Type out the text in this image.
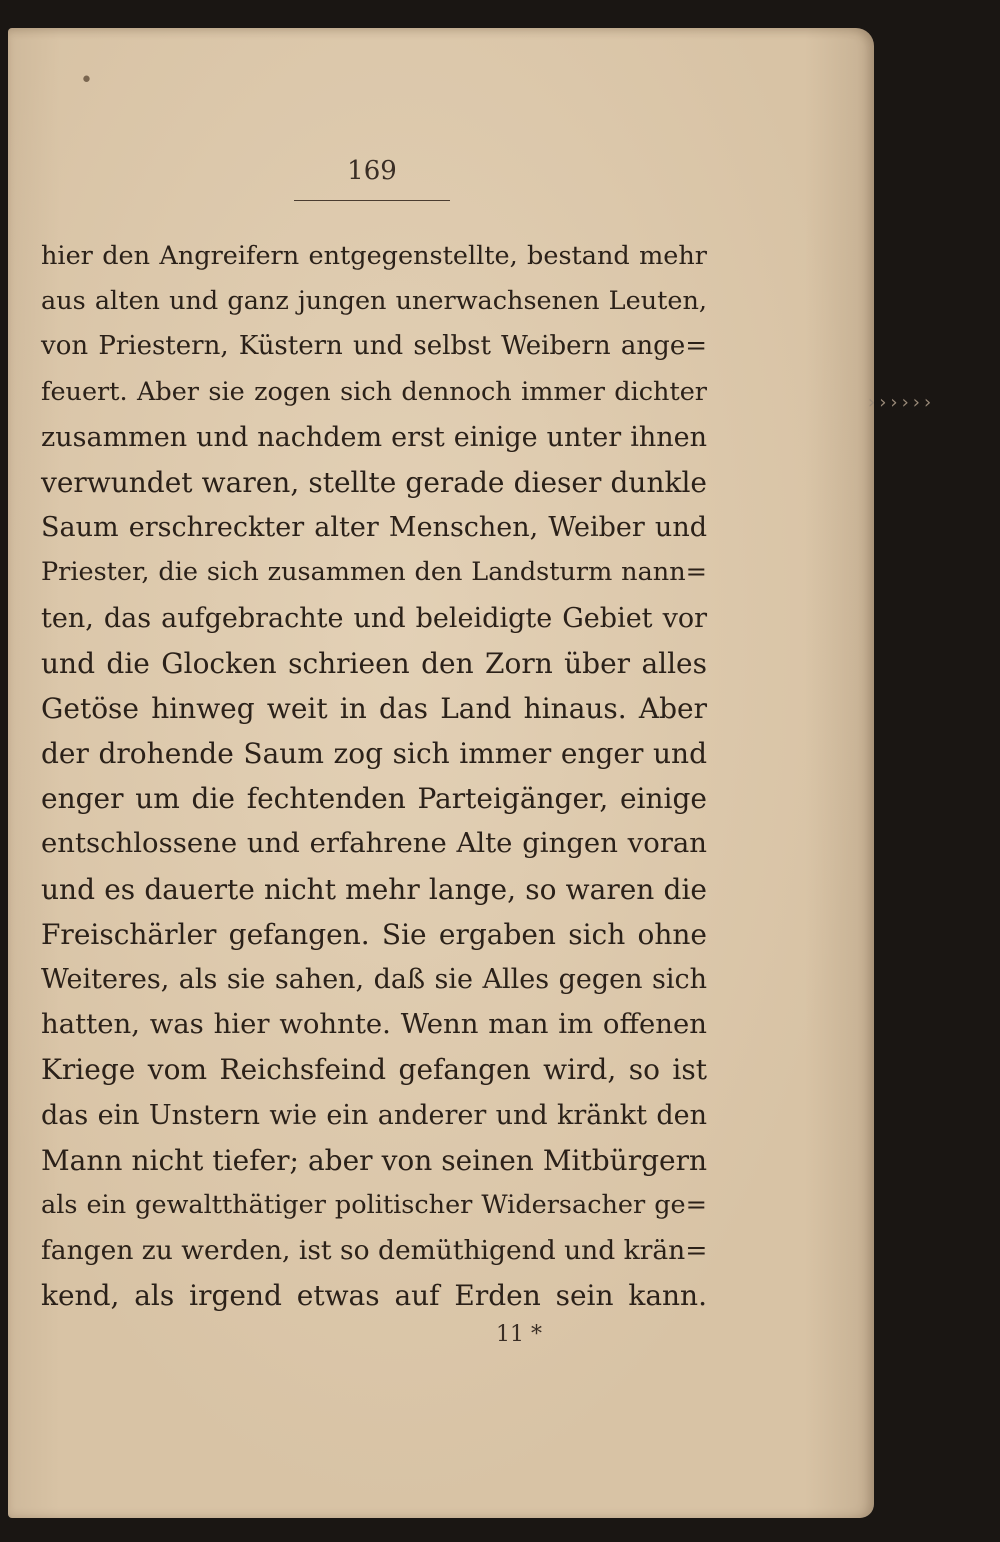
•
169
hier den Angreifern entgegenstellte, bestand mehr
aus alten und ganz jungen unerwachsenen Leuten,
von Priestern, Küstern und selbst Weibern ange=
feuert. Aber sie zogen sich dennoch immer dichter
zusammen und nachdem erst einige unter ihnen
verwundet waren, stellte gerade dieser dunkle
Saum erschreckter alter Menschen, Weiber und
Priester, die sich zusammen den Landsturm nann=
ten, das aufgebrachte und beleidigte Gebiet vor
und die Glocken schrieen den Zorn über alles
Getöse hinweg weit in das Land hinaus. Aber
der drohende Saum zog sich immer enger und
enger um die fechtenden Parteigänger, einige
entschlossene und erfahrene Alte gingen voran
und es dauerte nicht mehr lange, so waren die
Freischärler gefangen. Sie ergaben sich ohne
Weiteres, als sie sahen, daß sie Alles gegen sich
hatten, was hier wohnte. Wenn man im offenen
Kriege vom Reichsfeind gefangen wird, so ist
das ein Unstern wie ein anderer und kränkt den
Mann nicht tiefer; aber von seinen Mitbürgern
als ein gewaltthätiger politischer Widersacher ge=
fangen zu werden, ist so demüthigend und krän=
kend, als irgend etwas auf Erden sein kann.
11 *
››››››
